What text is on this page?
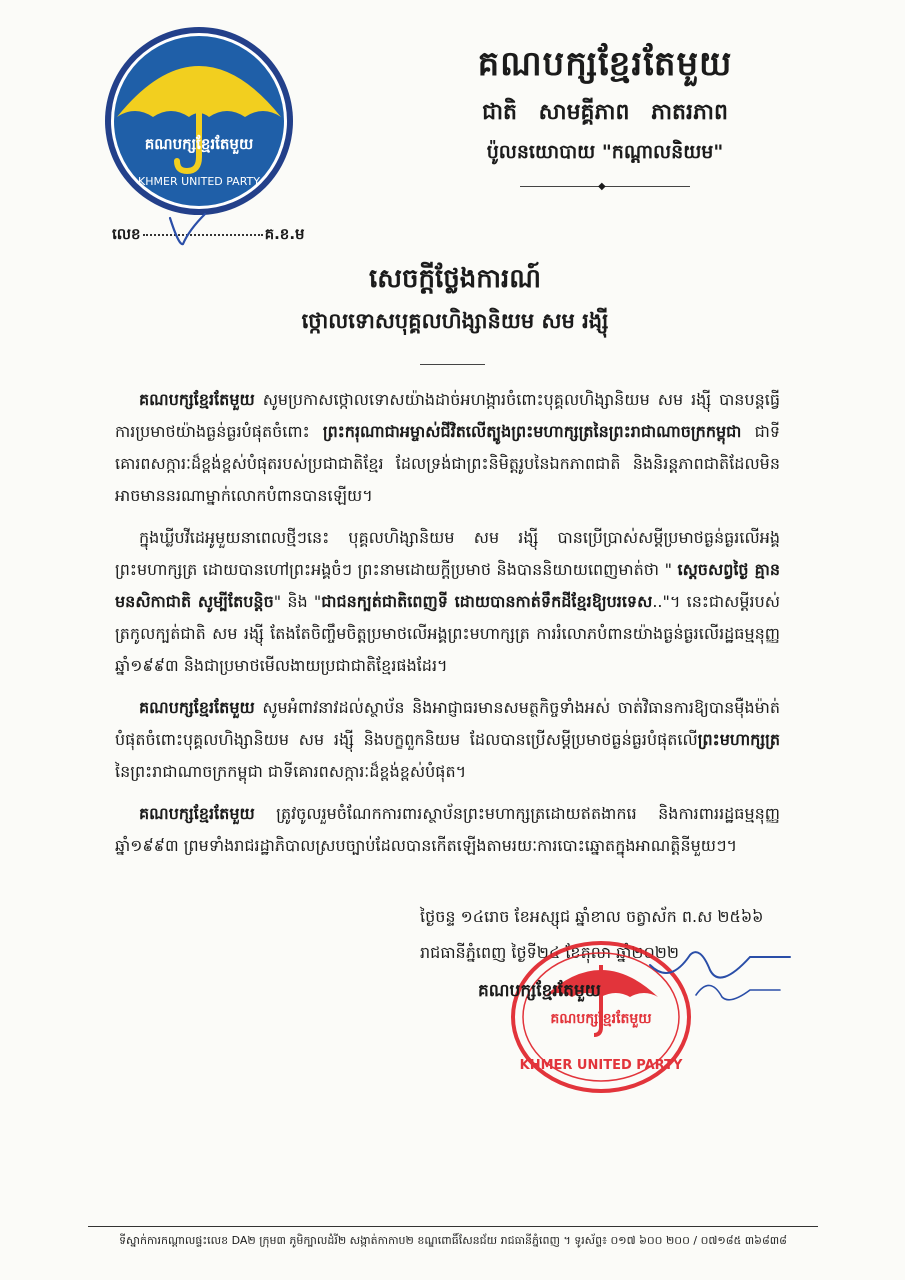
គណបក្សខ្មែរតែមួយ
KHMER UNITED PARTY
គណបក្សខ្មែរតែមួយ
ជាតិ សាមគ្គីភាព ភាតរភាព
ប៉ូលនយោបាយ "កណ្ដាលនិយម"
◆
លេខ	គ.ខ.ម
សេចក្ដីថ្លែងការណ៍
ថ្កោលទោសបុគ្គលហិង្សានិយម សម រង្ស៊ី

គណបក្សខ្មែរតែមួយ សូមប្រកាសថ្កោលទោសយ៉ាងដាច់អហង្ការចំពោះបុគ្គលហិង្សានិយម សម រង្ស៊ី បានបន្តធ្វើការប្រមាថយ៉ាងធ្ងន់ធ្ងរបំផុតចំពោះ ព្រះករុណាជាអម្ចាស់ជីវិតលើត្បូងព្រះមហាក្សត្រនៃព្រះរាជាណាចក្រកម្ពុជា ជាទីគោរពសក្ការៈដ៏ខ្ពង់ខ្ពស់បំផុតរបស់ប្រជាជាតិខ្មែរ ដែលទ្រង់ជាព្រះនិមិត្តរូបនៃឯកភាពជាតិ និងនិរន្តភាពជាតិដែលមិនអាចមាននរណាម្នាក់លោកបំពានបានឡើយ។

ក្នុងឃ្លីបវីដេអូមួយនាពេលថ្មីៗនេះ បុគ្គលហិង្សានិយម សម រង្ស៊ី បានប្រើប្រាស់សម្ដីប្រមាថធ្ងន់ធ្ងរលើអង្គព្រះមហាក្សត្រ ដោយបានហៅព្រះអង្គចំៗ ព្រះនាមដោយក្ដីប្រមាថ និងបាននិយាយពេញមាត់ថា " ស្ដេចសព្វថ្ងៃ គ្មានមនសិកាជាតិ សូម្បីតែបន្តិច" និង "ជាជនក្បត់ជាតិពេញទី ដោយបានកាត់ទឹកដីខ្មែរឱ្យបរទេស.."។ នេះជាសម្ដីរបស់ត្រកូលក្បត់ជាតិ សម រង្ស៊ី តែងតែចិញ្ចឹមចិត្តប្រមាថលើអង្គព្រះមហាក្សត្រ ការរំលោភបំពានយ៉ាងធ្ងន់ធ្ងរលើរដ្ឋធម្មនុញ្ញឆ្នាំ១៩៩៣ និងជាប្រមាថមើលងាយប្រជាជាតិខ្មែរផងដែរ។

គណបក្សខ្មែរតែមួយ សូមអំពាវនាវដល់ស្ថាប័ន និងអាជ្ញាធរមានសមត្ថកិច្ចទាំងអស់ ចាត់វិធានការឱ្យបានម៉ឺងម៉ាត់បំផុតចំពោះបុគ្គលហិង្សានិយម សម រង្ស៊ី និងបក្ខពួកនិយម ដែលបានប្រើសម្ដីប្រមាថធ្ងន់ធ្ងរបំផុតលើព្រះមហាក្សត្រ នៃព្រះរាជាណាចក្រកម្ពុជា ជាទីគោរពសក្ការៈដ៏ខ្ពង់ខ្ពស់បំផុត។

គណបក្សខ្មែរតែមួយ ត្រូវចូលរួមចំណែកការពារស្ថាប័នព្រះមហាក្សត្រដោយឥតងាករេ និងការពាររដ្ឋធម្មនុញ្ញឆ្នាំ១៩៩៣ ព្រមទាំងរាជរដ្ឋាភិបាលស្របច្បាប់ដែលបានកើតឡើងតាមរយៈការបោះឆ្នោតក្នុងអាណត្តិនីមួយៗ។

ថ្ងៃចន្ទ ១៤រោច ខែអស្សុជ ឆ្នាំខាល ចត្វាស័ក ព.ស ២៥៦៦
រាជធានីភ្នំពេញ ថ្ងៃទី២៤ ខែតុលា ឆ្នាំ២០២២
គណបក្សខ្មែរតែមួយ
KHMER UNITED PARTY
គណបក្សខ្មែរតែមួយ
ទីស្នាក់ការកណ្ដាលផ្ទះលេខ DA២ ក្រុម៣ ភូមិក្បាលដំរី២ សង្កាត់កាកាប២ ខណ្ឌពោធិ៍សែនជ័យ រាជធានីភ្នំពេញ ។ ទូរស័ព្ទ៖ ០១៧ ៦០០ ២០០ / ០៧១៨៥ ៣៦៨៣៨
